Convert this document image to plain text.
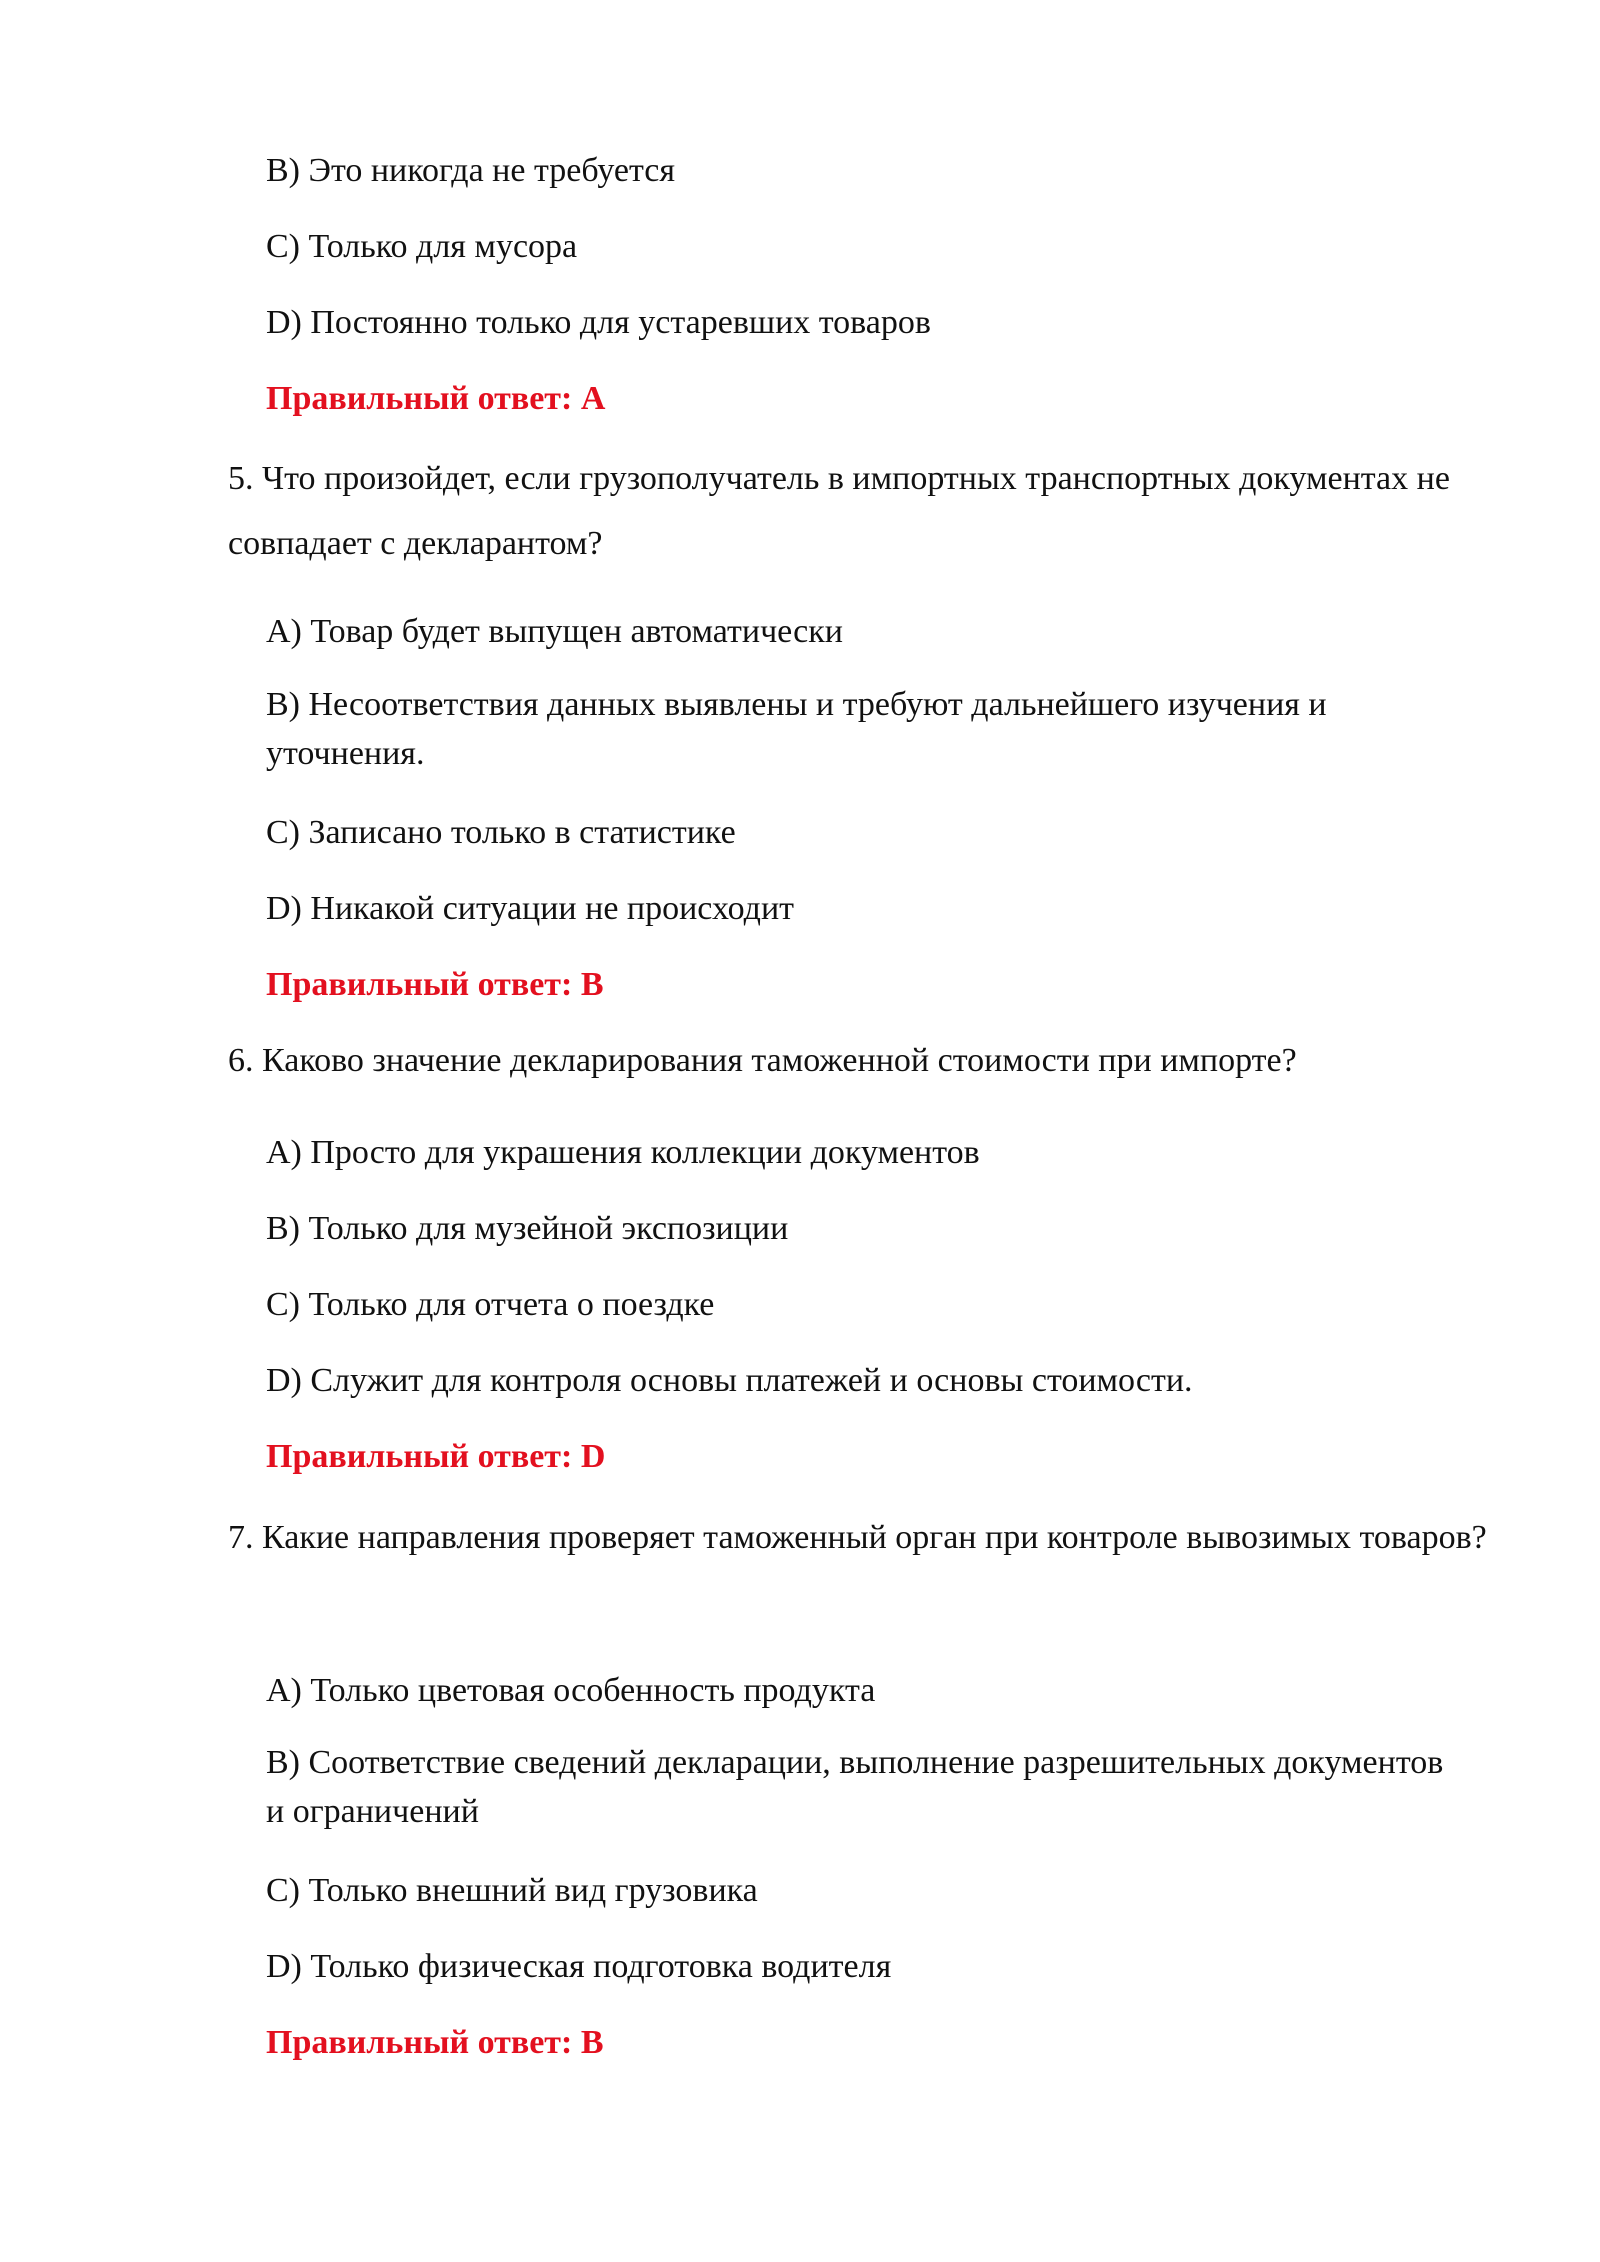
B) Это никогда не требуется
C) Только для мусора
D) Постоянно только для устаревших товаров
Правильный ответ: A
5. Что произойдет, если грузополучатель в импортных транспортных документах не совпадает с декларантом?
A) Товар будет выпущен автоматически
B) Несоответствия данных выявлены и требуют дальнейшего изучения и уточнения.
C) Записано только в статистике
D) Никакой ситуации не происходит
Правильный ответ: B
6. Каково значение декларирования таможенной стоимости при импорте?
A) Просто для украшения коллекции документов
B) Только для музейной экспозиции
C) Только для отчета о поездке
D) Служит для контроля основы платежей и основы стоимости.
Правильный ответ: D
7. Какие направления проверяет таможенный орган при контроле вывозимых товаров?
A) Только цветовая особенность продукта
B) Соответствие сведений декларации, выполнение разрешительных документов и ограничений
C) Только внешний вид грузовика
D) Только физическая подготовка водителя
Правильный ответ: B
